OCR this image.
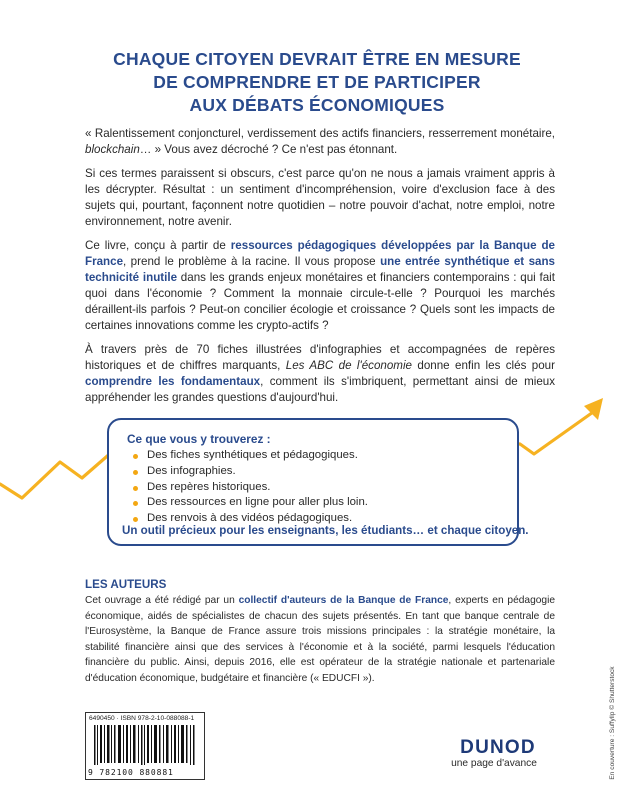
CHAQUE CITOYEN DEVRAIT ÊTRE EN MESURE
DE COMPRENDRE ET DE PARTICIPER
AUX DÉBATS ÉCONOMIQUES

« Ralentissement conjoncturel, verdissement des actifs financiers, resserrement monétaire, blockchain… » Vous avez décroché ? Ce n'est pas étonnant.

Si ces termes paraissent si obscurs, c'est parce qu'on ne nous a jamais vraiment appris à les décrypter. Résultat : un sentiment d'incompréhension, voire d'exclusion face à des sujets qui, pourtant, façonnent notre quotidien – notre pouvoir d'achat, notre emploi, notre environnement, notre avenir.

Ce livre, conçu à partir de ressources pédagogiques développées par la Banque de France, prend le problème à la racine. Il vous propose une entrée synthétique et sans technicité inutile dans les grands enjeux monétaires et financiers contemporains : qui fait quoi dans l'économie ? Comment la monnaie circule-t-elle ? Pourquoi les marchés déraillent-ils parfois ? Peut-on concilier écologie et croissance ? Quels sont les impacts de certaines innovations comme les crypto-actifs ?

À travers près de 70 fiches illustrées d'infographies et accompagnées de repères historiques et de chiffres marquants, Les ABC de l'économie donne enfin les clés pour comprendre les fondamentaux, comment ils s'imbriquent, permettant ainsi de mieux appréhender les grandes questions d'aujourd'hui.

Ce que vous y trouverez :
Des fiches synthétiques et pédagogiques.
Des infographies.
Des repères historiques.
Des ressources en ligne pour aller plus loin.
Des renvois à des vidéos pédagogiques.
Un outil précieux pour les enseignants, les étudiants… et chaque citoyen.
LES AUTEURS
Cet ouvrage a été rédigé par un collectif d'auteurs de la Banque de France, experts en pédagogie économique, aidés de spécialistes de chacun des sujets présentés. En tant que banque centrale de l'Eurosystème, la Banque de France assure trois missions principales : la stratégie monétaire, la stabilité financière ainsi que des services à l'économie et à la société, parmi lesquels l'éducation financière du public. Ainsi, depuis 2016, elle est opérateur de la stratégie nationale et partenariale d'éducation économique, budgétaire et financière (« EDUCFI »).
6490450 · ISBN 978-2-10-088088-1
9 782100 880881
DUNOD
une page d'avance	En couverture : Suffyllp © Shutterstock
